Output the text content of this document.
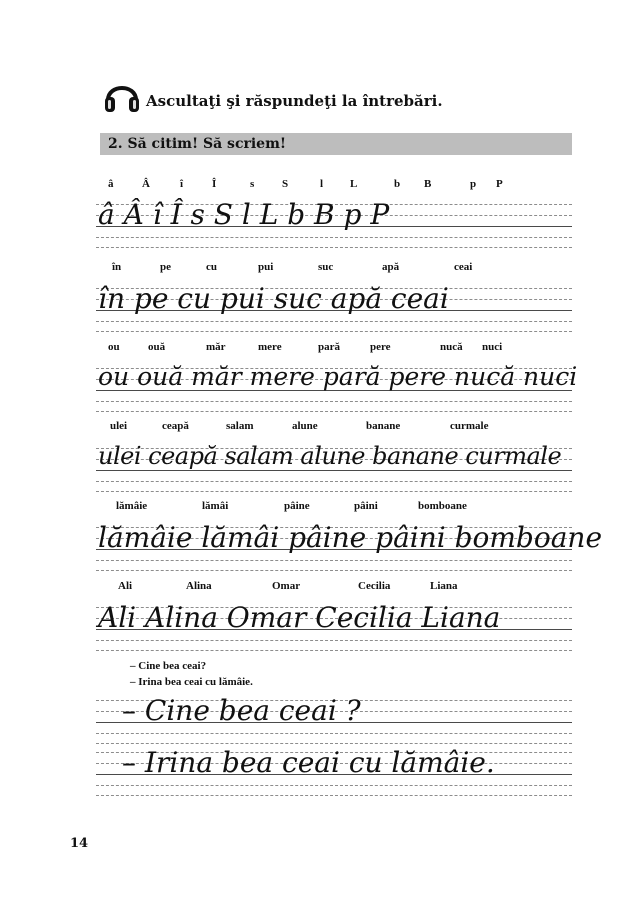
Ascultaţi şi răspundeţi la întrebări.
2. Să citim! Să scriem!
â	Â	î	Î	s	S	l L	b B	p P
â Â î Î s S l L b B p P
în	pe	cu	pui	suc	apă	ceai
în pe cu pui suc apă ceai
ou	ouă	măr	mere	pară	pere	nucă nuci
ou ouă măr mere pară pere nucă nuci
ulei	ceapă	salam	alune	banane	curmale
ulei ceapă salam alune banane curmale
lămâie	lămâi	pâine	pâini	bomboane
lămâie lămâi pâine pâini bomboane
Ali	Alina	Omar	Cecilia	Liana
Ali Alina Omar Cecilia Liana
– Cine bea ceai?
– Irina bea ceai cu lămâie.
– Cine bea ceai ?
– Irina bea ceai cu lămâie.
14
